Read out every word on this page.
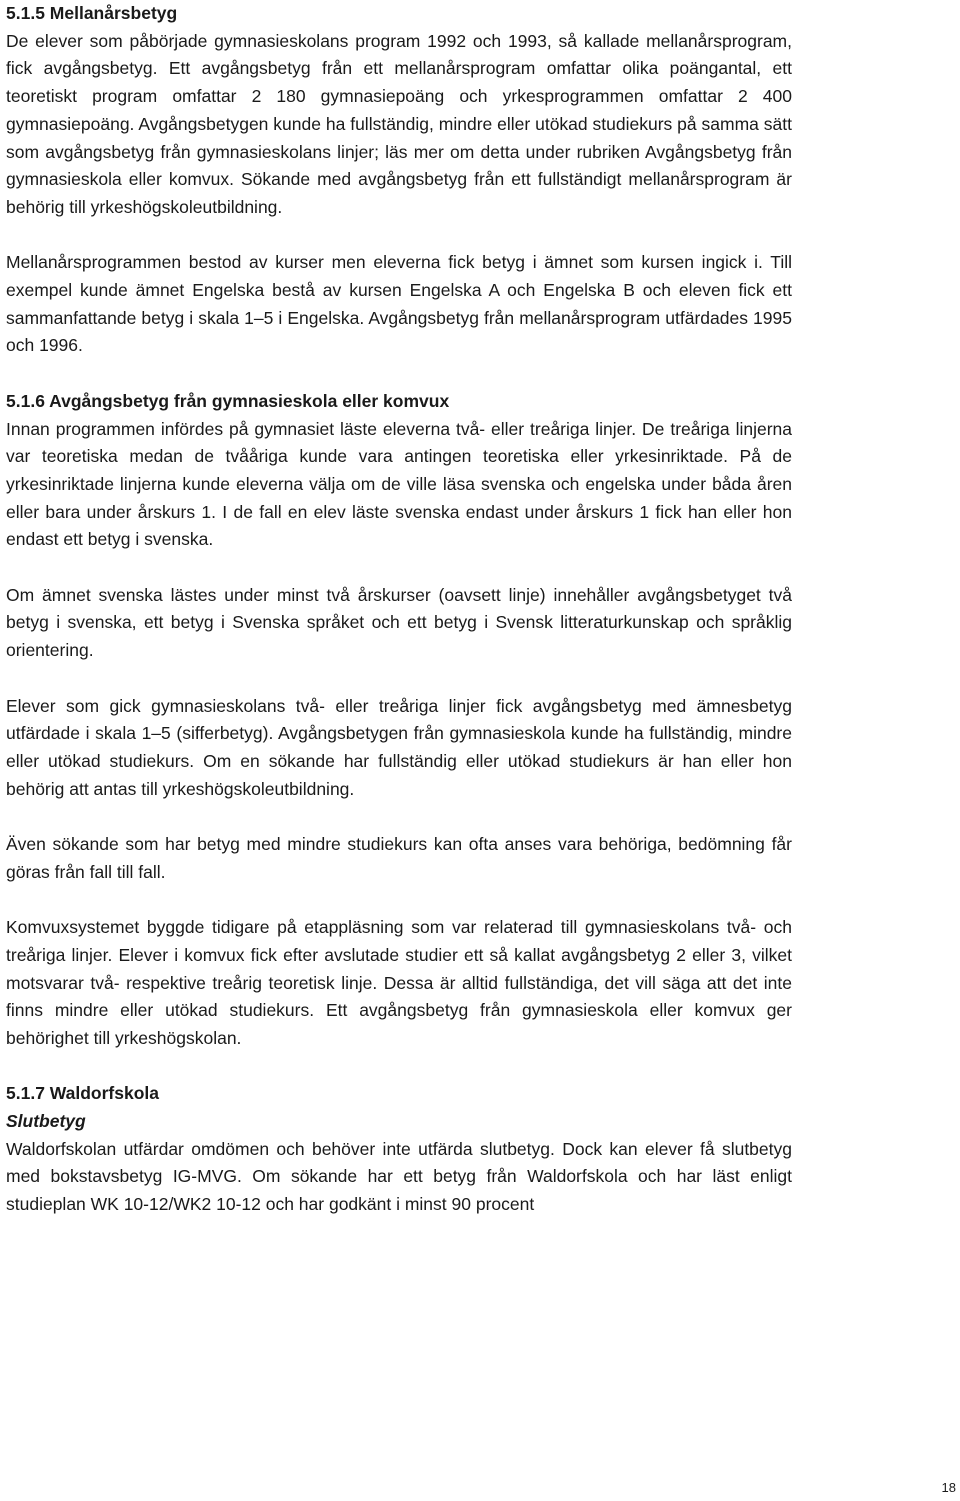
5.1.5 Mellanårsbetyg

De elever som påbörjade gymnasieskolans program 1992 och 1993, så kallade mellanårsprogram, fick avgångsbetyg. Ett avgångsbetyg från ett mellanårsprogram omfattar olika poängantal, ett teoretiskt program omfattar 2 180 gymnasiepoäng och yrkesprogrammen omfattar 2 400 gymnasiepoäng. Avgångsbetygen kunde ha fullständig, mindre eller utökad studiekurs på samma sätt som avgångsbetyg från gymnasieskolans linjer; läs mer om detta under rubriken Avgångsbetyg från gymnasieskola eller komvux. Sökande med avgångsbetyg från ett fullständigt mellanårsprogram är behörig till yrkeshögskoleutbildning.

Mellanårsprogrammen bestod av kurser men eleverna fick betyg i ämnet som kursen ingick i. Till exempel kunde ämnet Engelska bestå av kursen Engelska A och Engelska B och eleven fick ett sammanfattande betyg i skala 1–5 i Engelska. Avgångsbetyg från mellanårsprogram utfärdades 1995 och 1996.

5.1.6 Avgångsbetyg från gymnasieskola eller komvux

Innan programmen infördes på gymnasiet läste eleverna två- eller treåriga linjer. De treåriga linjerna var teoretiska medan de tvååriga kunde vara antingen teoretiska eller yrkesinriktade. På de yrkesinriktade linjerna kunde eleverna välja om de ville läsa svenska och engelska under båda åren eller bara under årskurs 1. I de fall en elev läste svenska endast under årskurs 1 fick han eller hon endast ett betyg i svenska.

Om ämnet svenska lästes under minst två årskurser (oavsett linje) innehåller avgångsbetyget två betyg i svenska, ett betyg i Svenska språket och ett betyg i Svensk litteraturkunskap och språklig orientering.

Elever som gick gymnasieskolans två- eller treåriga linjer fick avgångsbetyg med ämnesbetyg utfärdade i skala 1–5 (sifferbetyg). Avgångsbetygen från gymnasieskola kunde ha fullständig, mindre eller utökad studiekurs. Om en sökande har fullständig eller utökad studiekurs är han eller hon behörig att antas till yrkeshögskoleutbildning.

Även sökande som har betyg med mindre studiekurs kan ofta anses vara behöriga, bedömning får göras från fall till fall.

Komvuxsystemet byggde tidigare på etappläsning som var relaterad till gymnasieskolans två- och treåriga linjer. Elever i komvux fick efter avslutade studier ett så kallat avgångsbetyg 2 eller 3, vilket motsvarar två- respektive treårig teoretisk linje. Dessa är alltid fullständiga, det vill säga att det inte finns mindre eller utökad studiekurs. Ett avgångsbetyg från gymnasieskola eller komvux ger behörighet till yrkeshögskolan.

5.1.7 Waldorfskola
Slutbetyg

Waldorfskolan utfärdar omdömen och behöver inte utfärda slutbetyg. Dock kan elever få slutbetyg med bokstavsbetyg IG-MVG. Om sökande har ett betyg från Waldorfskola och har läst enligt studieplan WK 10-12/WK2 10-12 och har godkänt i minst 90 procent

18
